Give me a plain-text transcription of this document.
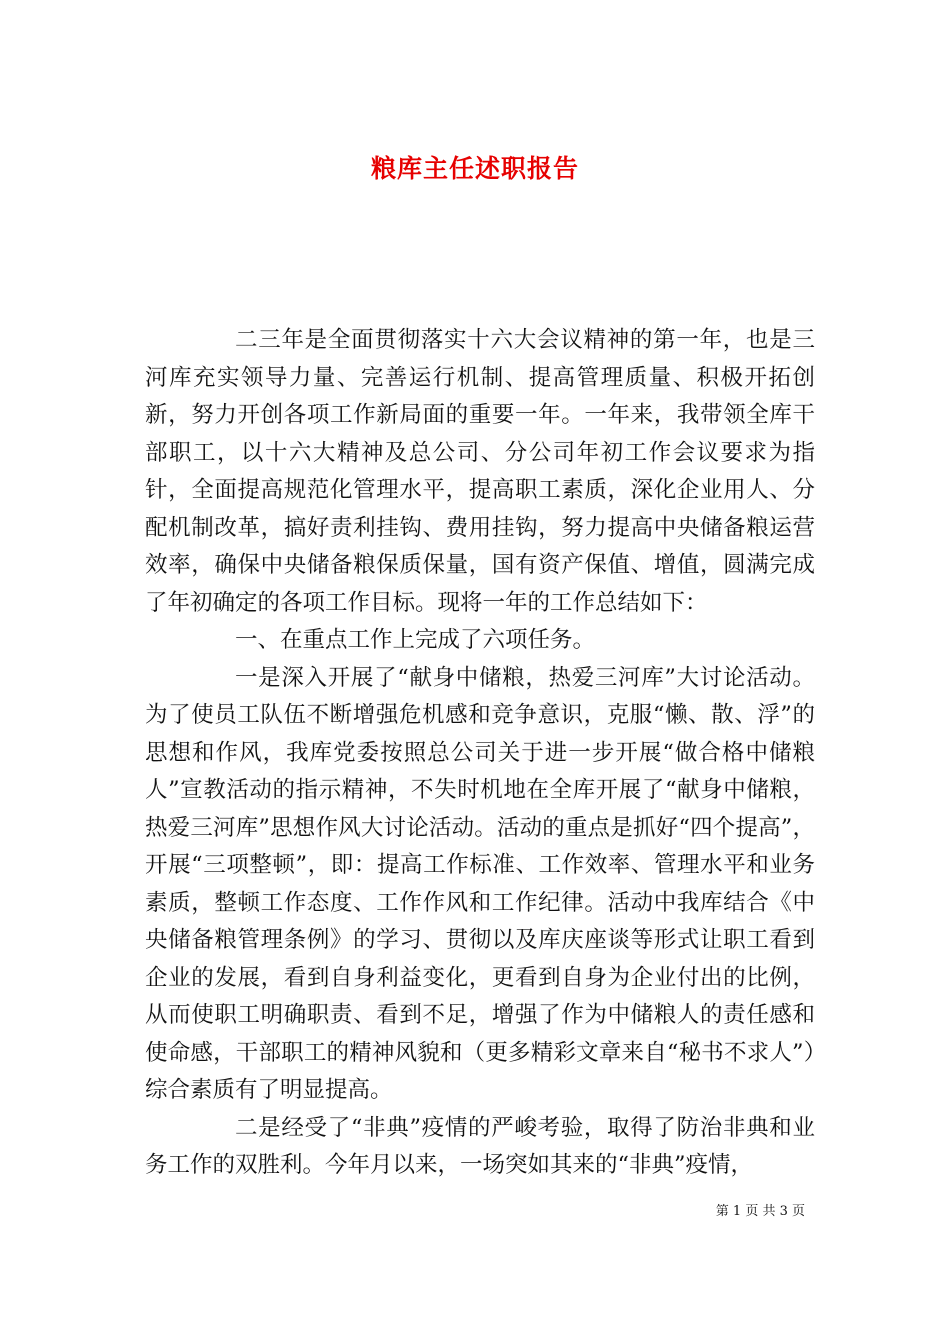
粮库主任述职报告

二三年是全面贯彻落实十六大会议精神的第一年，也是三河库充实领导力量、完善运行机制、提高管理质量、积极开拓创新，努力开创各项工作新局面的重要一年。一年来，我带领全库干部职工，以十六大精神及总公司、分公司年初工作会议要求为指针，全面提高规范化管理水平，提高职工素质，深化企业用人、分配机制改革，搞好责利挂钩、费用挂钩，努力提高中央储备粮运营效率，确保中央储备粮保质保量，国有资产保值、增值，圆满完成了年初确定的各项工作目标。现将一年的工作总结如下：

一、在重点工作上完成了六项任务。

一是深入开展了“献身中储粮，热爱三河库”大讨论活动。为了使员工队伍不断增强危机感和竞争意识，克服“懒、散、浮”的思想和作风，我库党委按照总公司关于进一步开展“做合格中储粮人”宣教活动的指示精神，不失时机地在全库开展了“献身中储粮，热爱三河库”思想作风大讨论活动。活动的重点是抓好“四个提高”，开展“三项整顿”，即：提高工作标准、工作效率、管理水平和业务素质，整顿工作态度、工作作风和工作纪律。活动中我库结合《中央储备粮管理条例》的学习、贯彻以及库庆座谈等形式让职工看到企业的发展，看到自身利益变化，更看到自身为企业付出的比例，从而使职工明确职责、看到不足，增强了作为中储粮人的责任感和使命感，干部职工的精神风貌和（更多精彩文章来自“秘书不求人”）综合素质有了明显提高。

二是经受了“非典”疫情的严峻考验，取得了防治非典和业务工作的双胜利。今年月以来，一场突如其来的“非典”疫情，

第 1 页 共 3 页
